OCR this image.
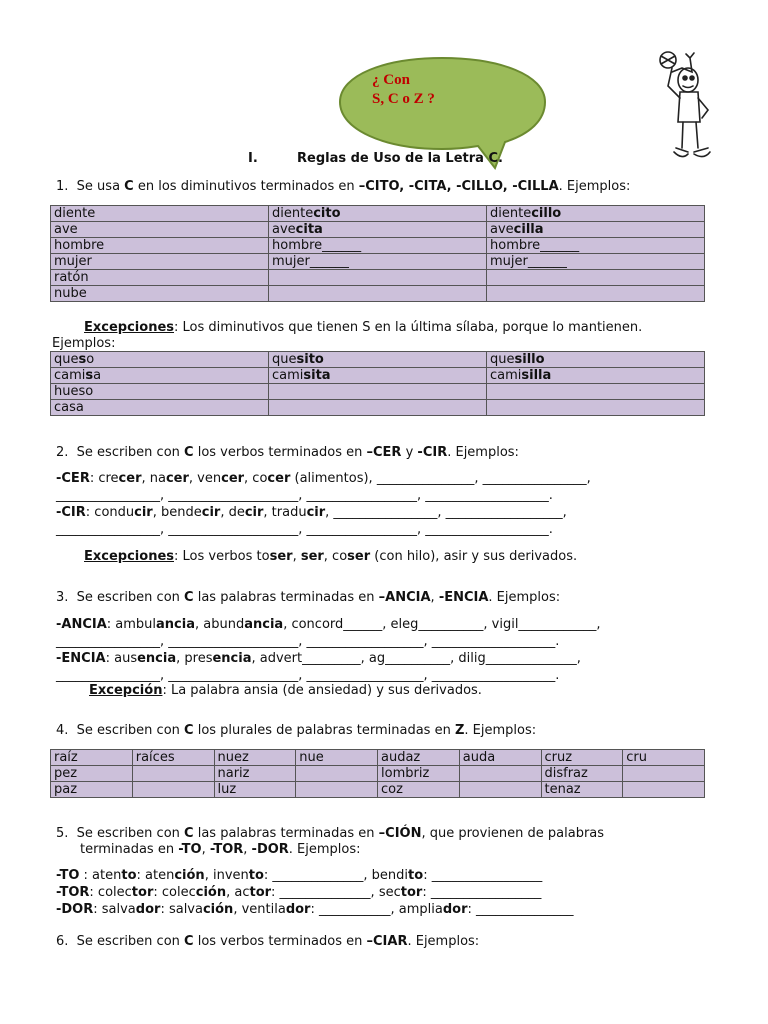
¿ Con
S, C o Z ?
I.	Reglas de Uso de la Letra C.
1. Se usa C en los diminutivos terminados en –CITO, -CITA, -CILLO, -CILLA. Ejemplos:
diente	dientecito	dientecillo
ave	avecita	avecilla
hombre	hombre______	hombre______
mujer	mujer______	mujer______
ratón		
nube		
Excepciones: Los diminutivos que tienen S en la última sílaba, porque lo mantienen.
Ejemplos:
queso	quesito	quesillo
camisa	camisita	camisilla
hueso		
casa		
2. Se escriben con C los verbos terminados en –CER y -CIR. Ejemplos:
-CER: crecer, nacer, vencer, cocer (alimentos), _______________, ________________,
________________, ____________________, _________________, ___________________.
-CIR: conducir, bendecir, decir, traducir, ________________, __________________,
________________, ____________________, _________________, ___________________.
Excepciones: Los verbos toser, ser, coser (con hilo), asir y sus derivados.
3. Se escriben con C las palabras terminadas en –ANCIA, -ENCIA. Ejemplos:
-ANCIA: ambulancia, abundancia, concord______, eleg__________, vigil____________,
________________, ____________________, __________________, ___________________.
-ENCIA: ausencia, presencia, advert_________, ag__________, dilig______________,
________________, ____________________, __________________, ___________________.
Excepción: La palabra ansia (de ansiedad) y sus derivados.
4. Se escriben con C los plurales de palabras terminadas en Z. Ejemplos:
raíz	raíces	nuez	nue	audaz	auda	cruz	cru
pez		nariz		lombriz		disfraz	
paz		luz		coz		tenaz	
5. Se escriben con C las palabras terminadas en –CIÓN, que provienen de palabras
terminadas en -TO, -TOR, -DOR. Ejemplos:
-TO : atento: atención, invento: ______________, bendito: _________________
-TOR: colector: colección, actor: ______________, sector: _________________
-DOR: salvador: salvación, ventilador: ___________, ampliador: _______________
6. Se escriben con C los verbos terminados en –CIAR. Ejemplos:
